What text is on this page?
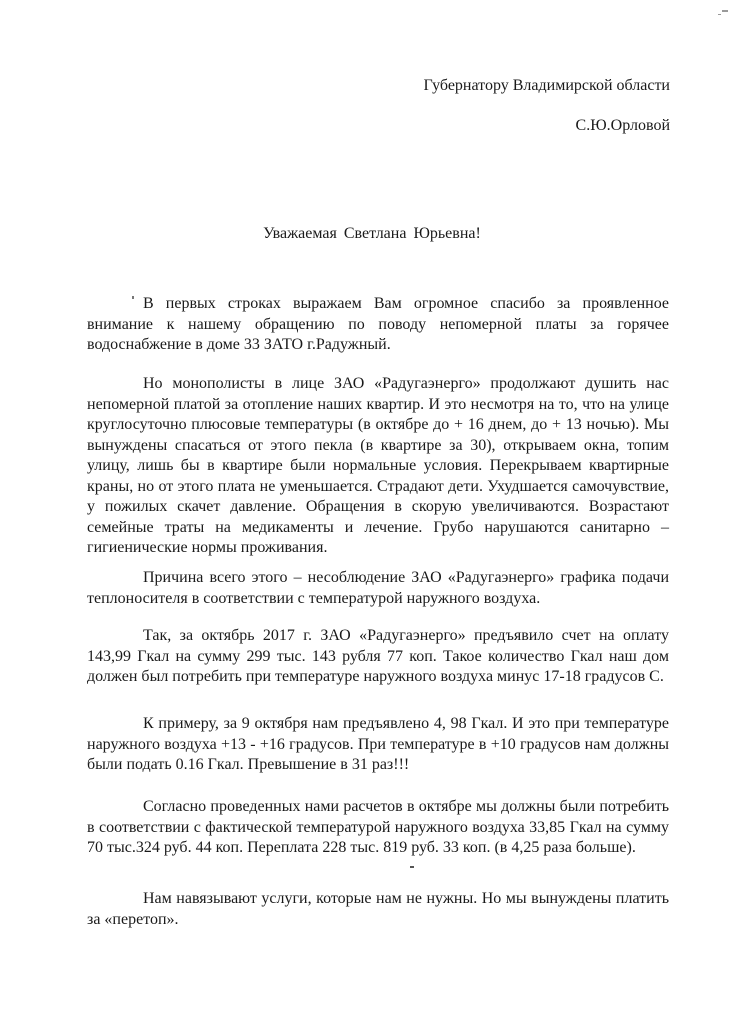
Губернатору Владимирской области
С.Ю.Орловой
Уважаемая Светлана Юрьевна!

В первых строках выражаем Вам огромное спасибо за проявленное внимание к нашему обращению по поводу непомерной платы за горячее водоснабжение в доме 33 ЗАТО г.Радужный.

Но монополисты в лице ЗАО «Радугаэнерго» продолжают душить нас непомерной платой за отопление наших квартир. И это несмотря на то, что на улице круглосуточно плюсовые температуры (в октябре до + 16 днем, до + 13 ночью). Мы вынуждены спасаться от этого пекла (в квартире за 30), открываем окна, топим улицу, лишь бы в квартире были нормальные условия. Перекрываем квартирные краны, но от этого плата не уменьшается. Страдают дети. Ухудшается самочувствие, у пожилых скачет давление. Обращения в скорую увеличиваются. Возрастают семейные траты на медикаменты и лечение. Грубо нарушаются санитарно – гигиенические нормы проживания.

Причина всего этого – несоблюдение ЗАО «Радугаэнерго» графика подачи теплоносителя в соответствии с температурой наружного воздуха.

Так, за октябрь 2017 г. ЗАО «Радугаэнерго» предъявило счет на оплату 143,99 Гкал на сумму 299 тыс. 143 рубля 77 коп. Такое количество Гкал наш дом должен был потребить при температуре наружного воздуха минус 17-18 градусов С.

К примеру, за 9 октября нам предъявлено 4, 98 Гкал. И это при температуре наружного воздуха +13 - +16 градусов. При температуре в +10 градусов нам должны были подать 0.16 Гкал. Превышение в 31 раз!!!

Согласно проведенных нами расчетов в октябре мы должны были потребить в соответствии с фактической температурой наружного воздуха 33,85 Гкал на сумму 70 тыс.324 руб. 44 коп. Переплата 228 тыс. 819 руб. 33 коп. (в 4,25 раза больше).

Нам навязывают услуги, которые нам не нужны. Но мы вынуждены платить за «перетоп».
